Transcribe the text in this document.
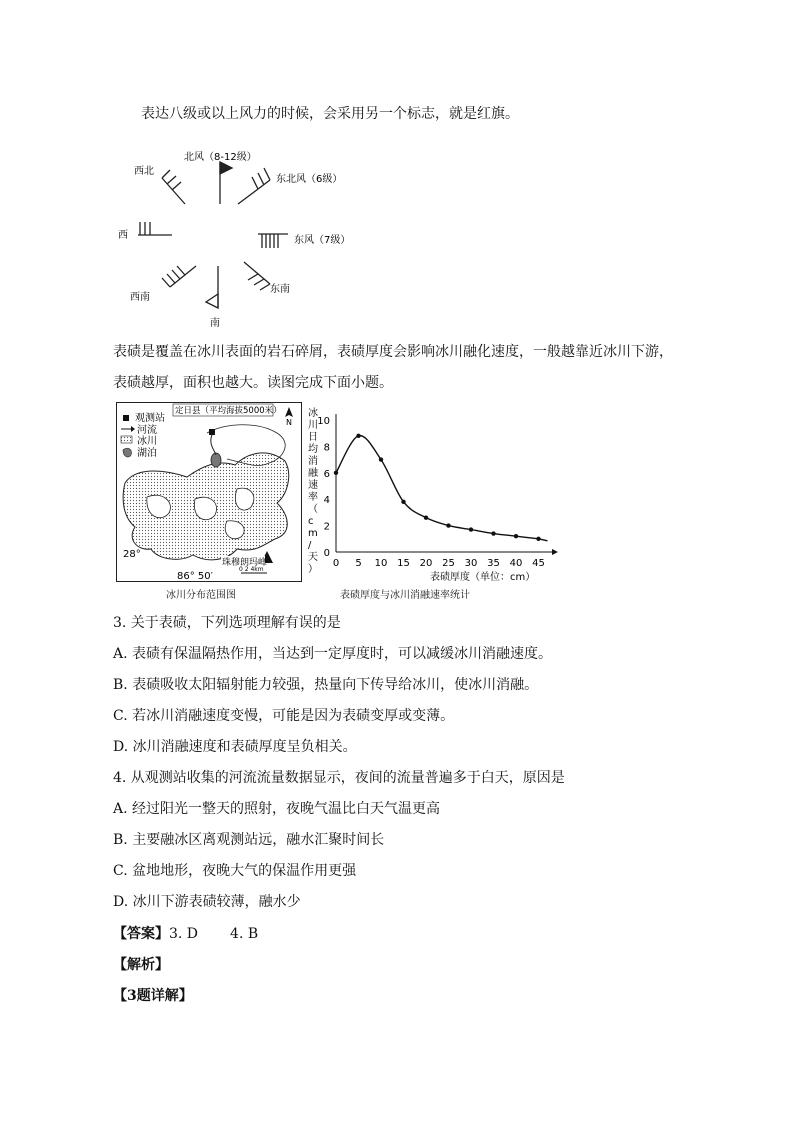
表达八级或以上风力的时候，会采用另一个标志，就是红旗。
北风（8-12级）
东北风（6级）
东风（7级）
西北
西
西南
南
东南
表碛是覆盖在冰川表面的岩石碎屑，表碛厚度会影响冰川融化速度，一般越靠近冰川下游，
表碛越厚，面积也越大。读图完成下面小题。
观测站
河流
冰川
湖泊
N
定日县（平均海拔5000米）
28°
86° 50′
珠穆朗玛峰
0 2 4km
冰川分布范围图
冰川日均消融速率（ c m /天）
0 5 10 15 20 25 30 35 40 45
0
2
4
6
8
10
表碛厚度（单位：cm）
表碛厚度与冰川消融速率统计
3. 关于表碛，下列选项理解有误的是
A. 表碛有保温隔热作用，当达到一定厚度时，可以减缓冰川消融速度。
B. 表碛吸收太阳辐射能力较强，热量向下传导给冰川，使冰川消融。
C. 若冰川消融速度变慢，可能是因为表碛变厚或变薄。
D. 冰川消融速度和表碛厚度呈负相关。
4. 从观测站收集的河流流量数据显示，夜间的流量普遍多于白天，原因是
A. 经过阳光一整天的照射，夜晚气温比白天气温更高
B. 主要融冰区离观测站远，融水汇聚时间长
C. 盆地地形，夜晚大气的保温作用更强
D. 冰川下游表碛较薄，融水少
【答案】3. D 4. B
【解析】
【3题详解】
